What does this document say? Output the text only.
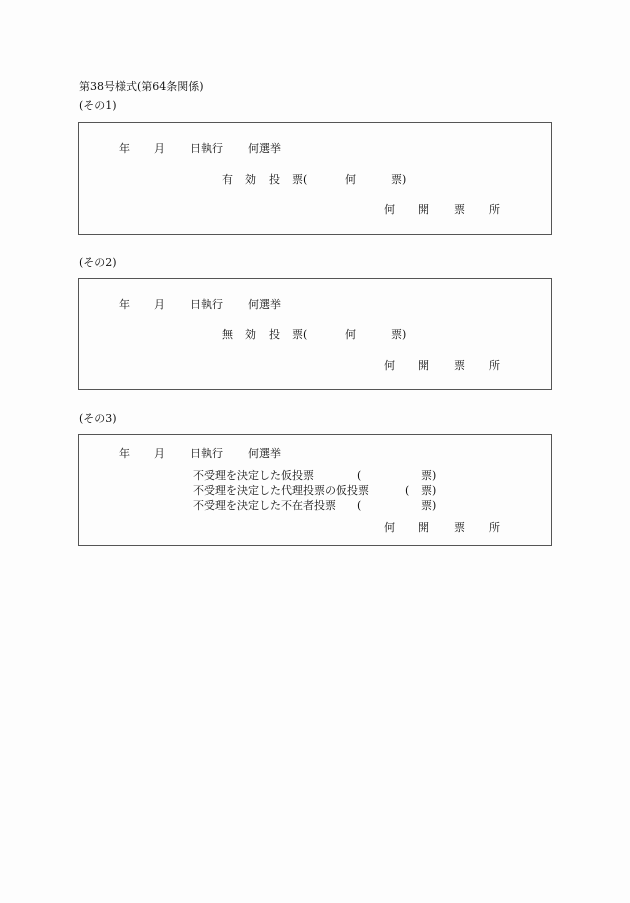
第38号様式(第64条関係)
(その1)
年 月 日執行 何選挙
有 効 投 票(	何	票)
何 開 票 所
(その2)
年 月 日執行 何選挙
無 効 投 票(	何	票)
何 開 票 所
(その3)
年 月 日執行 何選挙
不受理を決定した仮投票	(	票)
不受理を決定した代理投票の仮投票	( 票)
不受理を決定した不在者投票 (	票)
何 開 票 所
